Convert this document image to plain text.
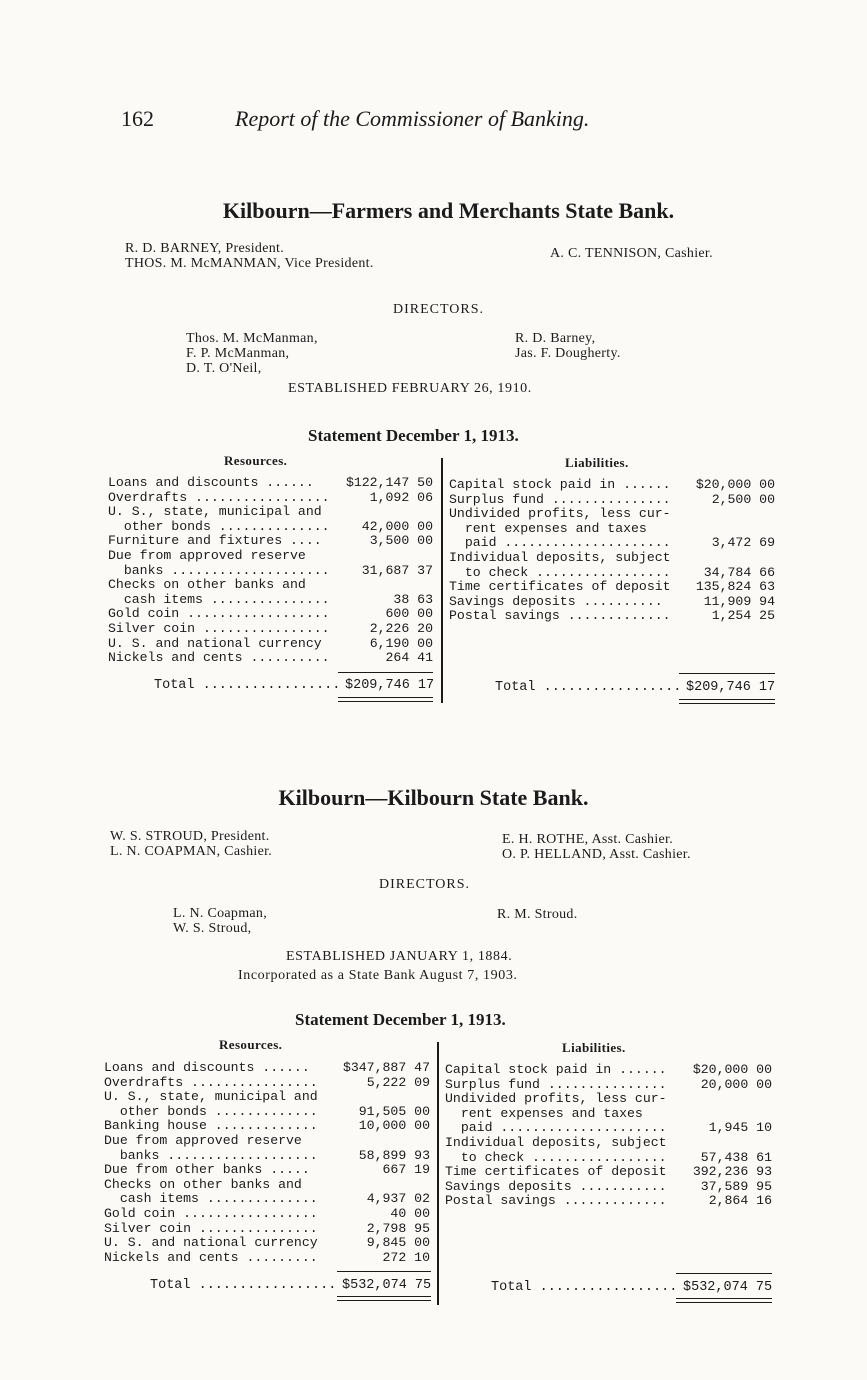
162	Report of the Commissioner of Banking.
Kilbourn—Farmers and Merchants State Bank.
R. D. BARNEY, President.
THOS. M. McMANMAN, Vice President.
A. C. TENNISON, Cashier.
DIRECTORS.
Thos. M. McManman,
F. P. McManman,
D. T. O'Neil,
R. D. Barney,
Jas. F. Dougherty.
ESTABLISHED FEBRUARY 26, 1910.
Statement December 1, 1913.
Resources.	Liabilities.
Loans and discounts ...... $122,147 50
Overdrafts .................	1,092 06
U. S., state, municipal and
other bonds .............. 42,000 00
Furniture and fixtures ....	3,500 00
Due from approved reserve
banks .................... 31,687 37
Checks on other banks and
cash items ...............	38 63
Gold coin ..................	600 00
Silver coin ................	2,226 20
U. S. and national currency	6,190 00
Nickels and cents ..........	264 41
Capital stock paid in ...... $20,000 00
Surplus fund ...............	2,500 00
Undivided profits, less cur-
rent expenses and taxes
paid .....................	3,472 69
Individual deposits, subject
to check .................	34,784 66
Time certificates of deposit 135,824 63
Savings deposits ..........	11,909 94
Postal savings .............	1,254 25
Total ................. $209,746 17	Total ................. $209,746 17
Kilbourn—Kilbourn State Bank.
W. S. STROUD, President.
L. N. COAPMAN, Cashier.
E. H. ROTHE, Asst. Cashier.
O. P. HELLAND, Asst. Cashier.
DIRECTORS.
L. N. Coapman,
W. S. Stroud,
R. M. Stroud.
ESTABLISHED JANUARY 1, 1884.
Incorporated as a State Bank August 7, 1903.
Statement December 1, 1913.
Resources.	Liabilities.
Loans and discounts ......	$347,887 47
Overdrafts ................	5,222 09
U. S., state, municipal and
other bonds .............	91,505 00
Banking house .............	10,000 00
Due from approved reserve
banks ...................	58,899 93
Due from other banks .....	667 19
Checks on other banks and
cash items ..............	4,937 02
Gold coin .................	40 00
Silver coin ...............	2,798 95
U. S. and national currency	9,845 00
Nickels and cents .........	272 10
Capital stock paid in ...... $20,000 00
Surplus fund ...............	20,000 00
Undivided profits, less cur-
rent expenses and taxes
paid .....................	1,945 10
Individual deposits, subject
to check .................	57,438 61
Time certificates of deposit 392,236 93
Savings deposits ...........	37,589 95
Postal savings .............	2,864 16
Total ................. $532,074 75	Total ................. $532,074 75
